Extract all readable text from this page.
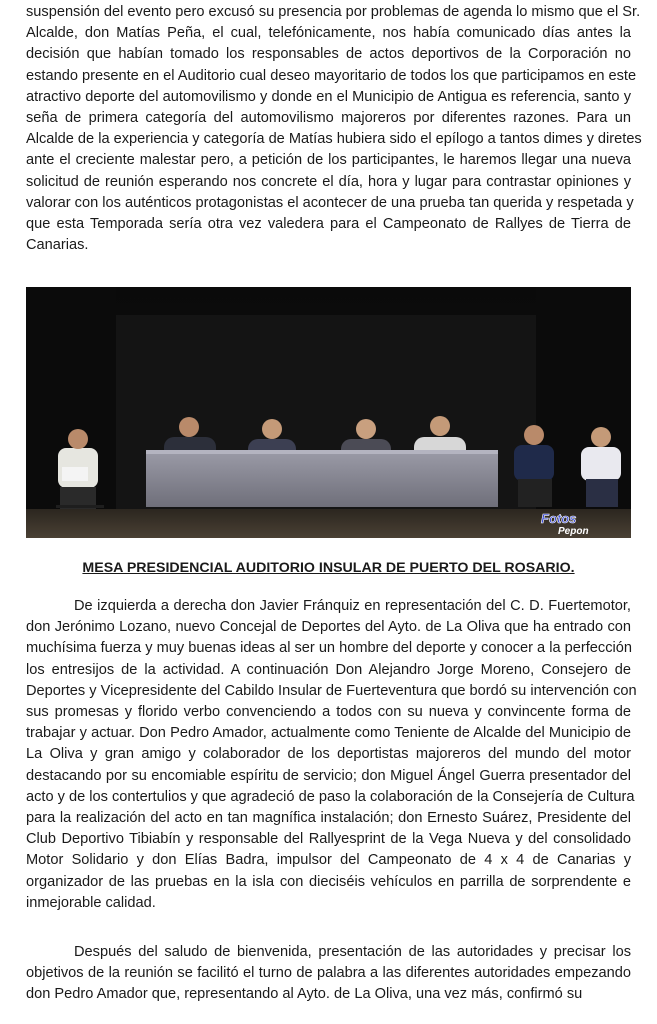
suspensión del evento pero excusó su presencia por problemas de agenda lo mismo que el Sr.
Alcalde, don Matías Peña, el cual, telefónicamente, nos había comunicado días antes la
decisión que habían tomado los responsables de actos deportivos de la Corporación no
estando presente en el Auditorio cual deseo mayoritario de todos los que participamos en este
atractivo deporte del automovilismo y donde en el Municipio de Antigua es referencia, santo y
seña de primera categoría del automovilismo majoreros por diferentes razones. Para un
Alcalde de la experiencia y categoría de Matías hubiera sido el epílogo a tantos dimes y diretes
ante el creciente malestar pero, a petición de los participantes, le haremos llegar una nueva
solicitud de reunión esperando nos concrete el día, hora y lugar para contrastar opiniones y
valorar con los auténticos protagonistas el acontecer de una prueba tan querida y respetada y
que esta Temporada sería otra vez valedera para el Campeonato de Rallyes de Tierra de
Canarias.
Fotos
Pepon

MESA PRESIDENCIAL AUDITORIO INSULAR DE PUERTO DEL ROSARIO.

De izquierda a derecha don Javier Fránquiz en representación del C. D. Fuertemotor,
don Jerónimo Lozano, nuevo Concejal de Deportes del Ayto. de La Oliva que ha entrado con
muchísima fuerza y muy buenas ideas al ser un hombre del deporte y conocer a la perfección
los entresijos de la actividad. A continuación Don Alejandro Jorge Moreno, Consejero de
Deportes y Vicepresidente del Cabildo Insular de Fuerteventura que bordó su intervención con
sus promesas y florido verbo convenciendo a todos con su nueva y convincente forma de
trabajar y actuar. Don Pedro Amador, actualmente como Teniente de Alcalde del Municipio de
La Oliva y gran amigo y colaborador de los deportistas majoreros del mundo del motor
destacando por su encomiable espíritu de servicio; don Miguel Ángel Guerra presentador del
acto y de los contertulios y que agradeció de paso la colaboración de la Consejería de Cultura
para la realización del acto en tan magnífica instalación; don Ernesto Suárez, Presidente del
Club Deportivo Tibiabín y responsable del Rallyesprint de la Vega Nueva y del consolidado
Motor Solidario y don Elías Badra, impulsor del Campeonato de 4 x 4 de Canarias y
organizador de las pruebas en la isla con dieciséis vehículos en parrilla de sorprendente e
inmejorable calidad.
Después del saludo de bienvenida, presentación de las autoridades y precisar los
objetivos de la reunión se facilitó el turno de palabra a las diferentes autoridades empezando
don Pedro Amador que, representando al Ayto. de La Oliva, una vez más, confirmó su
